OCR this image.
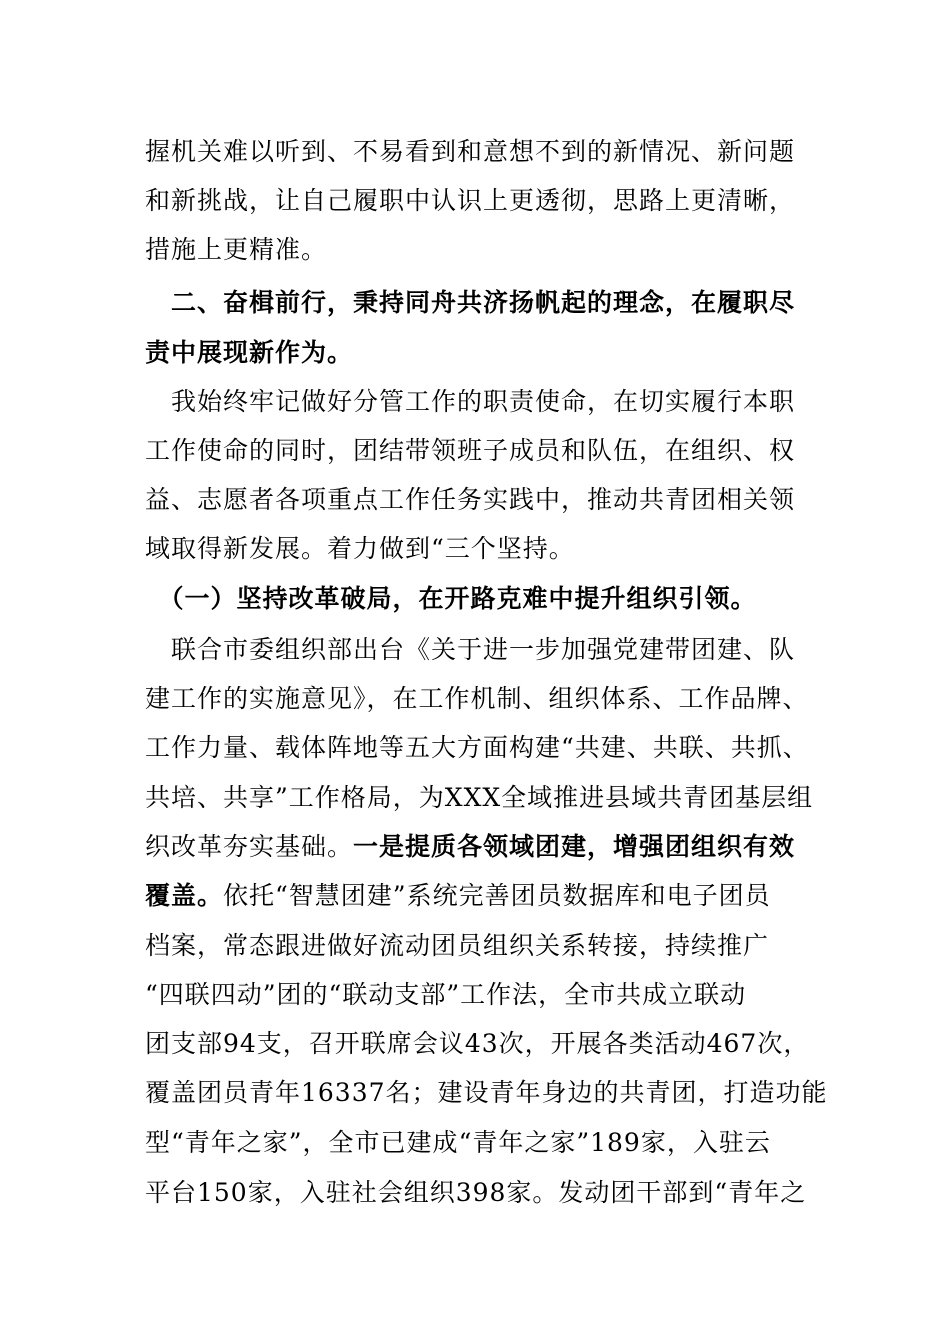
握机关难以听到、不易看到和意想不到的新情况、新问题
和新挑战，让自己履职中认识上更透彻，思路上更清晰，
措施上更精准。
　二、奋楫前行，秉持同舟共济扬帆起的理念，在履职尽
责中展现新作为。
　我始终牢记做好分管工作的职责使命，在切实履行本职
工作使命的同时，团结带领班子成员和队伍，在组织、权
益、志愿者各项重点工作任务实践中，推动共青团相关领
域取得新发展。着力做到“三个坚持。
　（一）坚持改革破局，在开路克难中提升组织引领。
　联合市委组织部出台《关于进一步加强党建带团建、队
建工作的实施意见》，在工作机制、组织体系、工作品牌、
工作力量、载体阵地等五大方面构建“共建、共联、共抓、
共培、共享”工作格局，为XXX全域推进县域共青团基层组
织改革夯实基础。一是提质各领域团建，增强团组织有效
覆盖。依托“智慧团建”系统完善团员数据库和电子团员
档案，常态跟进做好流动团员组织关系转接，持续推广
“四联四动”团的“联动支部”工作法，全市共成立联动
团支部94支，召开联席会议43次，开展各类活动467次，
覆盖团员青年16337名；建设青年身边的共青团，打造功能
型“青年之家”，全市已建成“青年之家”189家，入驻云
平台150家，入驻社会组织398家。发动团干部到“青年之
